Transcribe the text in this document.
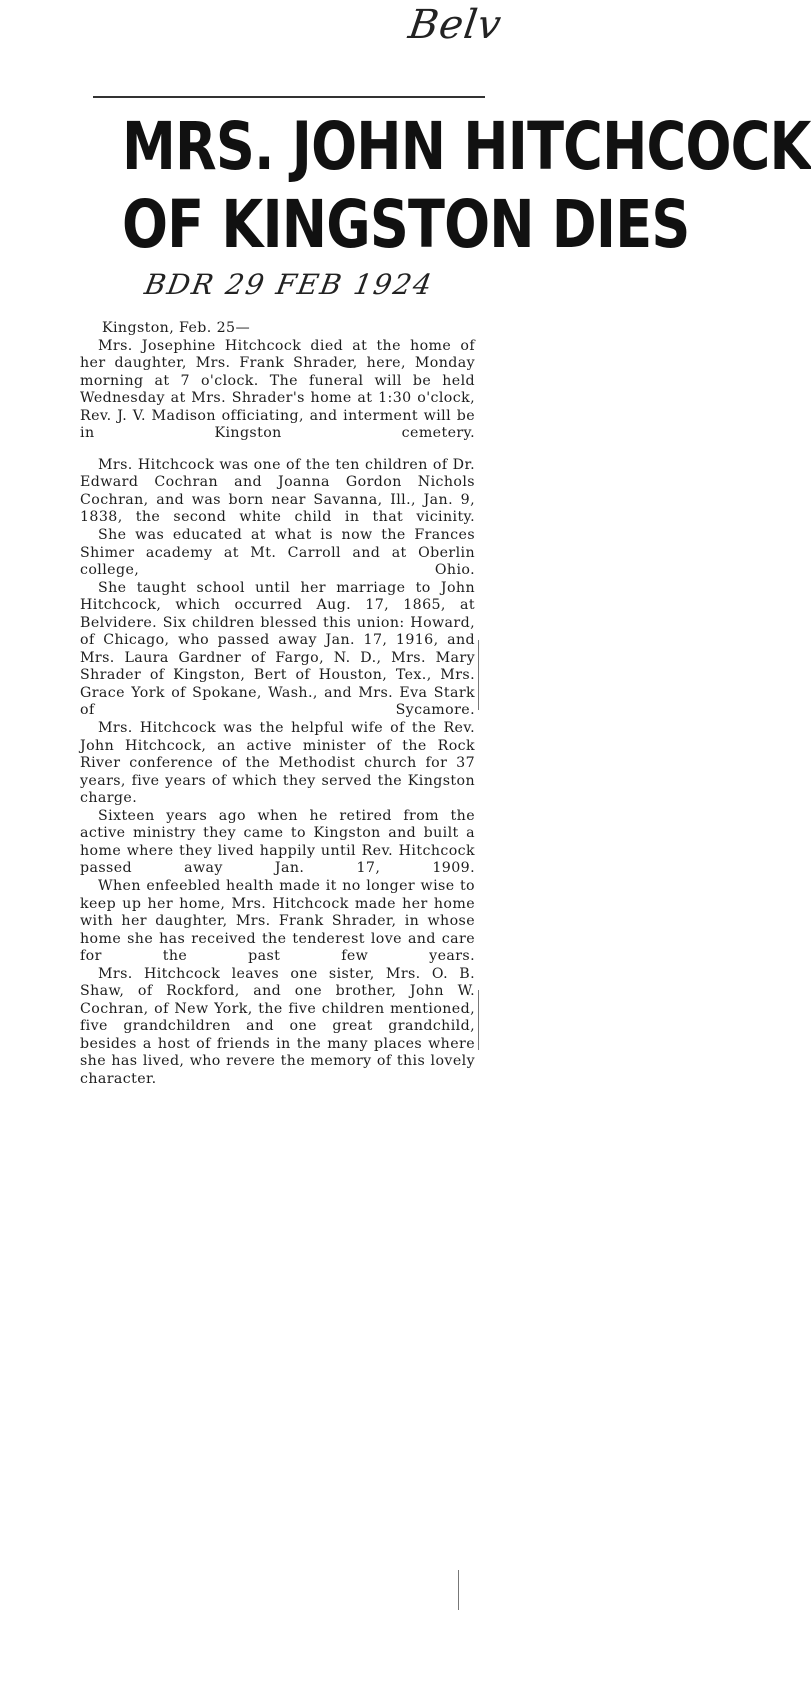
Belv
MRS. JOHN HITCHCOCK
OF KINGSTON DIES
BDR 29 FEB 1924

Kingston, Feb. 25—

Mrs. Josephine Hitchcock died at the home of her daughter, Mrs. Frank Shrader, here, Monday morning at 7 o'clock. The funeral will be held Wednesday at Mrs. Shrader's home at 1:30 o'clock, Rev. J. V. Madison officiating, and interment will be in Kingston cemetery.

Mrs. Hitchcock was one of the ten children of Dr. Edward Cochran and Joanna Gordon Nichols Cochran, and was born near Savanna, Ill., Jan. 9, 1838, the second white child in that vicinity.

She was educated at what is now the Frances Shimer academy at Mt. Carroll and at Oberlin college, Ohio.

She taught school until her marriage to John Hitchcock, which occurred Aug. 17, 1865, at Belvidere. Six children blessed this union: Howard, of Chicago, who passed away Jan. 17, 1916, and Mrs. Laura Gardner of Fargo, N. D., Mrs. Mary Shrader of Kingston, Bert of Houston, Tex., Mrs. Grace York of Spokane, Wash., and Mrs. Eva Stark of Sycamore.

Mrs. Hitchcock was the helpful wife of the Rev. John Hitchcock, an active minister of the Rock River conference of the Methodist church for 37 years, five years of which they served the Kingston charge.

Sixteen years ago when he retired from the active ministry they came to Kingston and built a home where they lived happily until Rev. Hitchcock passed away Jan. 17, 1909.

When enfeebled health made it no longer wise to keep up her home, Mrs. Hitchcock made her home with her daughter, Mrs. Frank Shrader, in whose home she has received the tenderest love and care for the past few years.

Mrs. Hitchcock leaves one sister, Mrs. O. B. Shaw, of Rockford, and one brother, John W. Cochran, of New York, the five children mentioned, five grandchildren and one great grandchild, besides a host of friends in the many places where she has lived, who revere the memory of this lovely character.
